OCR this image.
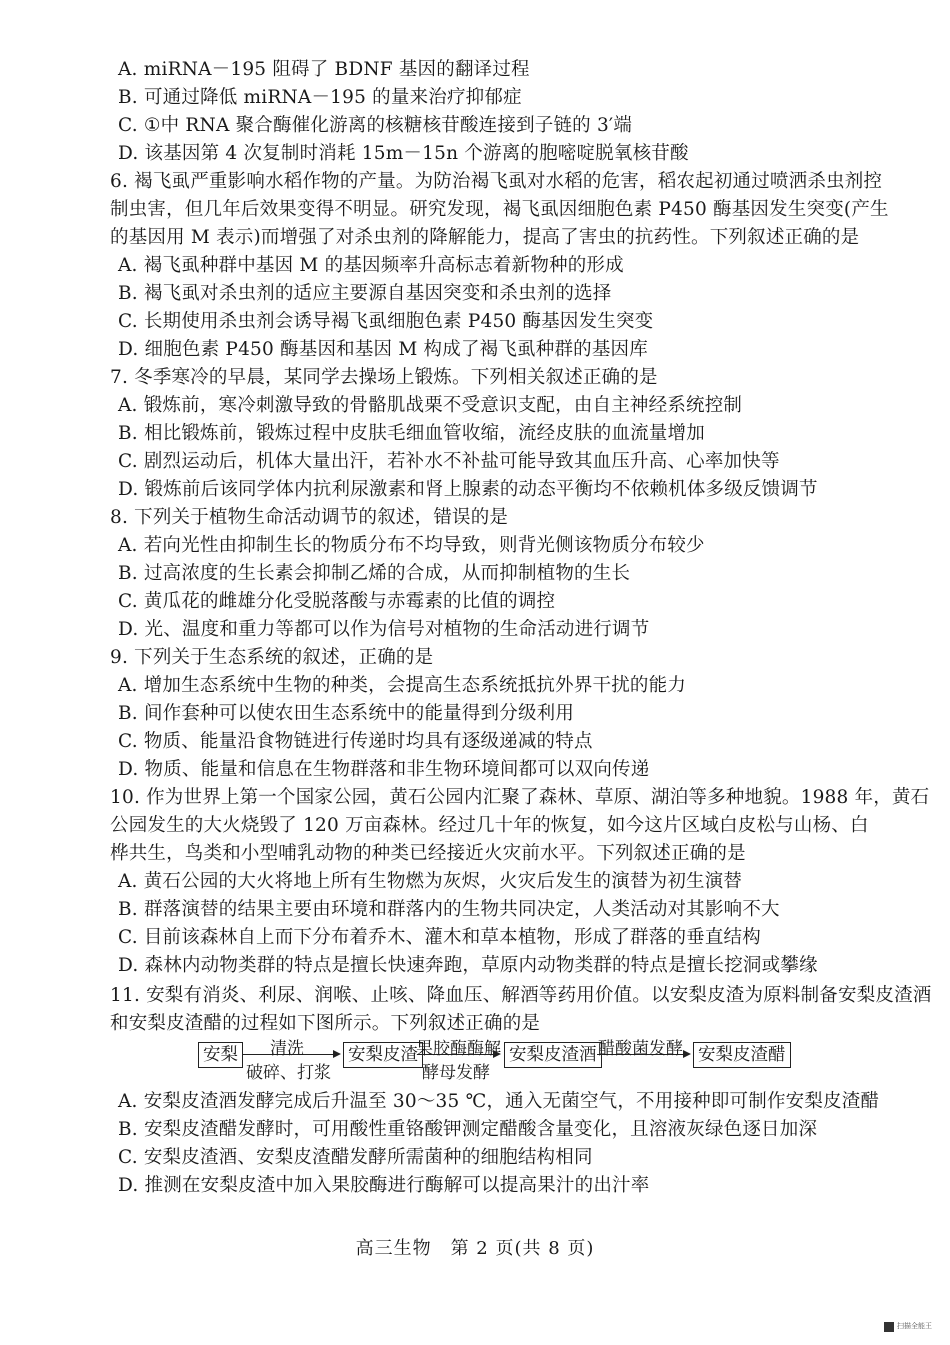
A. miRNA－195 阻碍了 BDNF 基因的翻译过程
B. 可通过降低 miRNA－195 的量来治疗抑郁症
C. ①中 RNA 聚合酶催化游离的核糖核苷酸连接到子链的 3′端
D. 该基因第 4 次复制时消耗 15m－15n 个游离的胞嘧啶脱氧核苷酸
6. 褐飞虱严重影响水稻作物的产量。为防治褐飞虱对水稻的危害，稻农起初通过喷洒杀虫剂控
制虫害，但几年后效果变得不明显。研究发现，褐飞虱因细胞色素 P450 酶基因发生突变(产生
的基因用 M 表示)而增强了对杀虫剂的降解能力，提高了害虫的抗药性。下列叙述正确的是
A. 褐飞虱种群中基因 M 的基因频率升高标志着新物种的形成
B. 褐飞虱对杀虫剂的适应主要源自基因突变和杀虫剂的选择
C. 长期使用杀虫剂会诱导褐飞虱细胞色素 P450 酶基因发生突变
D. 细胞色素 P450 酶基因和基因 M 构成了褐飞虱种群的基因库
7. 冬季寒冷的早晨，某同学去操场上锻炼。下列相关叙述正确的是
A. 锻炼前，寒冷刺激导致的骨骼肌战栗不受意识支配，由自主神经系统控制
B. 相比锻炼前，锻炼过程中皮肤毛细血管收缩，流经皮肤的血流量增加
C. 剧烈运动后，机体大量出汗，若补水不补盐可能导致其血压升高、心率加快等
D. 锻炼前后该同学体内抗利尿激素和肾上腺素的动态平衡均不依赖机体多级反馈调节
8. 下列关于植物生命活动调节的叙述，错误的是
A. 若向光性由抑制生长的物质分布不均导致，则背光侧该物质分布较少
B. 过高浓度的生长素会抑制乙烯的合成，从而抑制植物的生长
C. 黄瓜花的雌雄分化受脱落酸与赤霉素的比值的调控
D. 光、温度和重力等都可以作为信号对植物的生命活动进行调节
9. 下列关于生态系统的叙述，正确的是
A. 增加生态系统中生物的种类，会提高生态系统抵抗外界干扰的能力
B. 间作套种可以使农田生态系统中的能量得到分级利用
C. 物质、能量沿食物链进行传递时均具有逐级递减的特点
D. 物质、能量和信息在生物群落和非生物环境间都可以双向传递
10. 作为世界上第一个国家公园，黄石公园内汇聚了森林、草原、湖泊等多种地貌。1988 年，黄石
公园发生的大火烧毁了 120 万亩森林。经过几十年的恢复，如今这片区域白皮松与山杨、白
桦共生，鸟类和小型哺乳动物的种类已经接近火灾前水平。下列叙述正确的是
A. 黄石公园的大火将地上所有生物燃为灰烬，火灾后发生的演替为初生演替
B. 群落演替的结果主要由环境和群落内的生物共同决定，人类活动对其影响不大
C. 目前该森林自上而下分布着乔木、灌木和草本植物，形成了群落的垂直结构
D. 森林内动物类群的特点是擅长快速奔跑，草原内动物类群的特点是擅长挖洞或攀缘
11. 安梨有消炎、利尿、润喉、止咳、降血压、解酒等药用价值。以安梨皮渣为原料制备安梨皮渣酒
和安梨皮渣醋的过程如下图所示。下列叙述正确的是
安梨 清洗
破碎、打浆
安梨皮渣
果胶酶酶解
酵母发酵
安梨皮渣酒 醋酸菌发酵 安梨皮渣醋
A. 安梨皮渣酒发酵完成后升温至 30～35 ℃，通入无菌空气，不用接种即可制作安梨皮渣醋
B. 安梨皮渣醋发酵时，可用酸性重铬酸钾测定醋酸含量变化，且溶液灰绿色逐日加深
C. 安梨皮渣酒、安梨皮渣醋发酵所需菌种的细胞结构相同
D. 推测在安梨皮渣中加入果胶酶进行酶解可以提高果汁的出汁率
高三生物　第 2 页(共 8 页)
扫描全能王
